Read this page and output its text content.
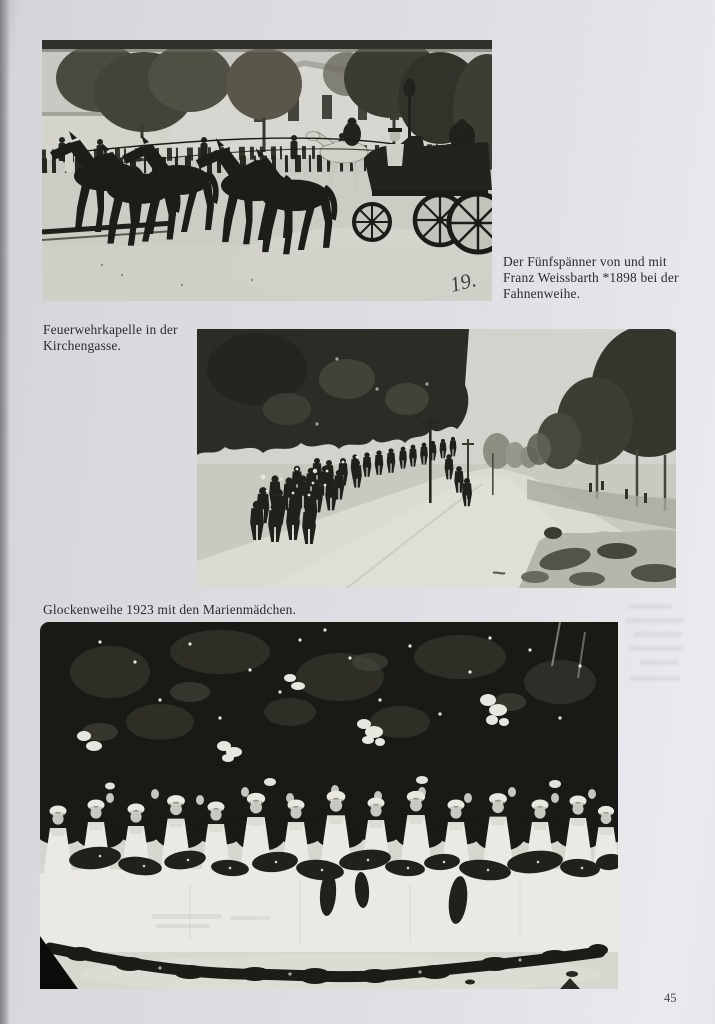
19.
Der Fünfspänner von und mit
Franz Weissbarth *1898 bei der
Fahnenweihe.
Feuerwehrkapelle in der
Kirchengasse.
Glockenweihe 1923 mit den Marienmädchen.
45
